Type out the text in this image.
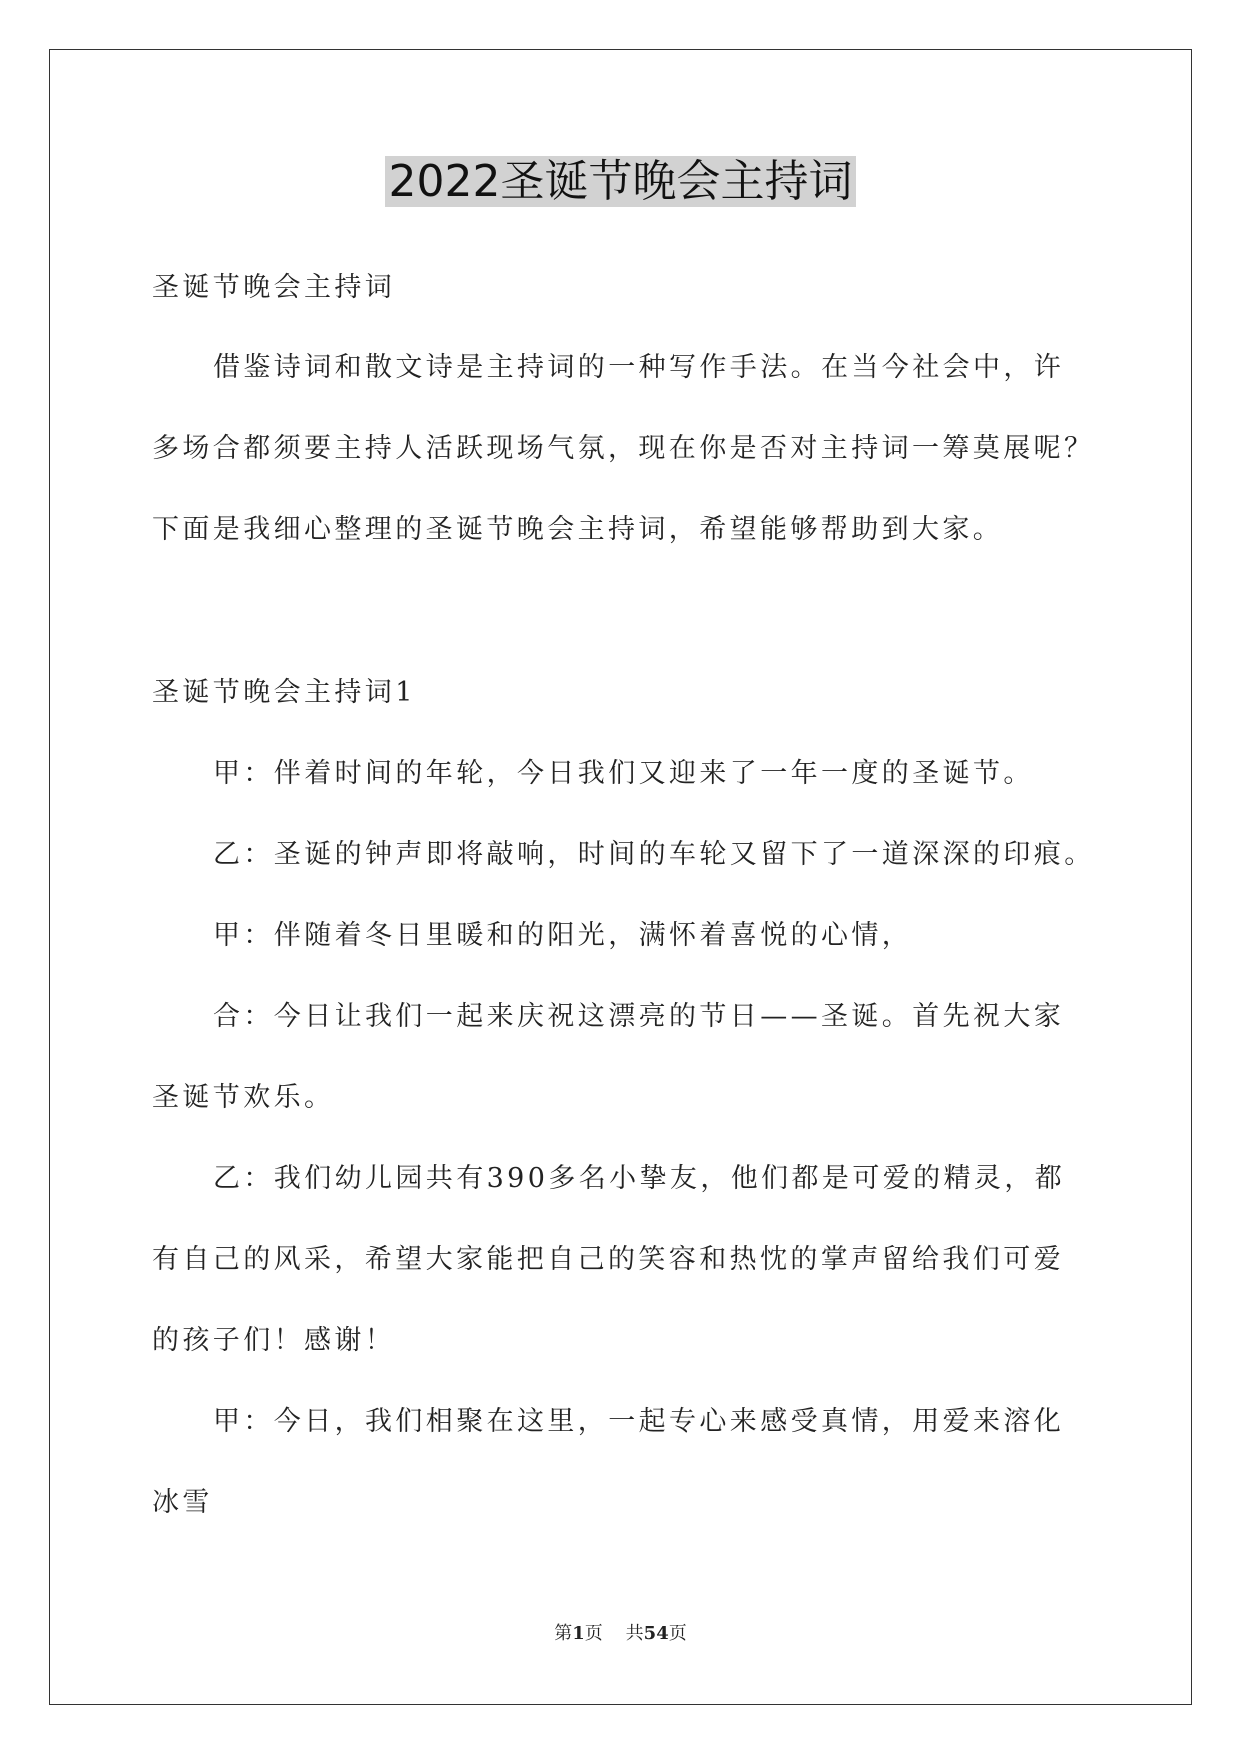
2022圣诞节晚会主持词
圣诞节晚会主持词
借鉴诗词和散文诗是主持词的一种写作手法。在当今社会中，许
多场合都须要主持人活跃现场气氛，现在你是否对主持词一筹莫展呢？
下面是我细心整理的圣诞节晚会主持词，希望能够帮助到大家。
圣诞节晚会主持词1
甲：伴着时间的年轮，今日我们又迎来了一年一度的圣诞节。
乙：圣诞的钟声即将敲响，时间的车轮又留下了一道深深的印痕。
甲：伴随着冬日里暖和的阳光，满怀着喜悦的心情，
合：今日让我们一起来庆祝这漂亮的节日——圣诞。首先祝大家
圣诞节欢乐。
乙：我们幼儿园共有390多名小挚友，他们都是可爱的精灵，都
有自己的风采，希望大家能把自己的笑容和热忱的掌声留给我们可爱
的孩子们！感谢！
甲：今日，我们相聚在这里，一起专心来感受真情，用爱来溶化
冰雪
第1页 共54页
